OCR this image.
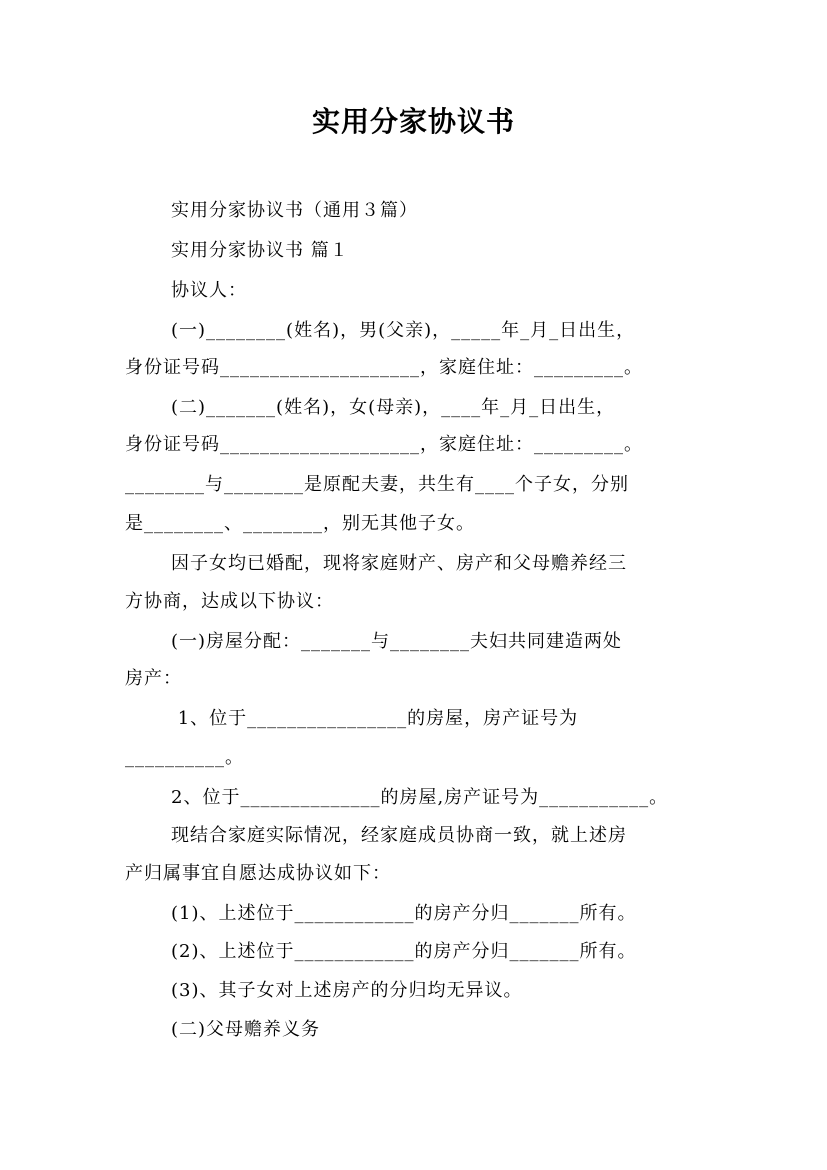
实用分家协议书
实用分家协议书（通用３篇）
实用分家协议书 篇１
协议人：
(一)________(姓名)，男(父亲)，_____年_月_日出生，
身份证号码____________________，家庭住址：_________。
(二)_______(姓名)，女(母亲)，____年_月_日出生，
身份证号码____________________，家庭住址：_________。
________与________是原配夫妻，共生有____个子女，分别
是________、________，别无其他子女。
因子女均已婚配，现将家庭财产、房产和父母赡养经三
方协商，达成以下协议：
(一)房屋分配：_______与________夫妇共同建造两处
房产：
1、位于________________的房屋，房产证号为
__________。
2、位于______________的房屋,房产证号为___________。
现结合家庭实际情况，经家庭成员协商一致，就上述房
产归属事宜自愿达成协议如下：
(1)、上述位于____________的房产分归_______所有。
(2)、上述位于____________的房产分归_______所有。
(3)、其子女对上述房产的分归均无异议。
(二)父母赡养义务
